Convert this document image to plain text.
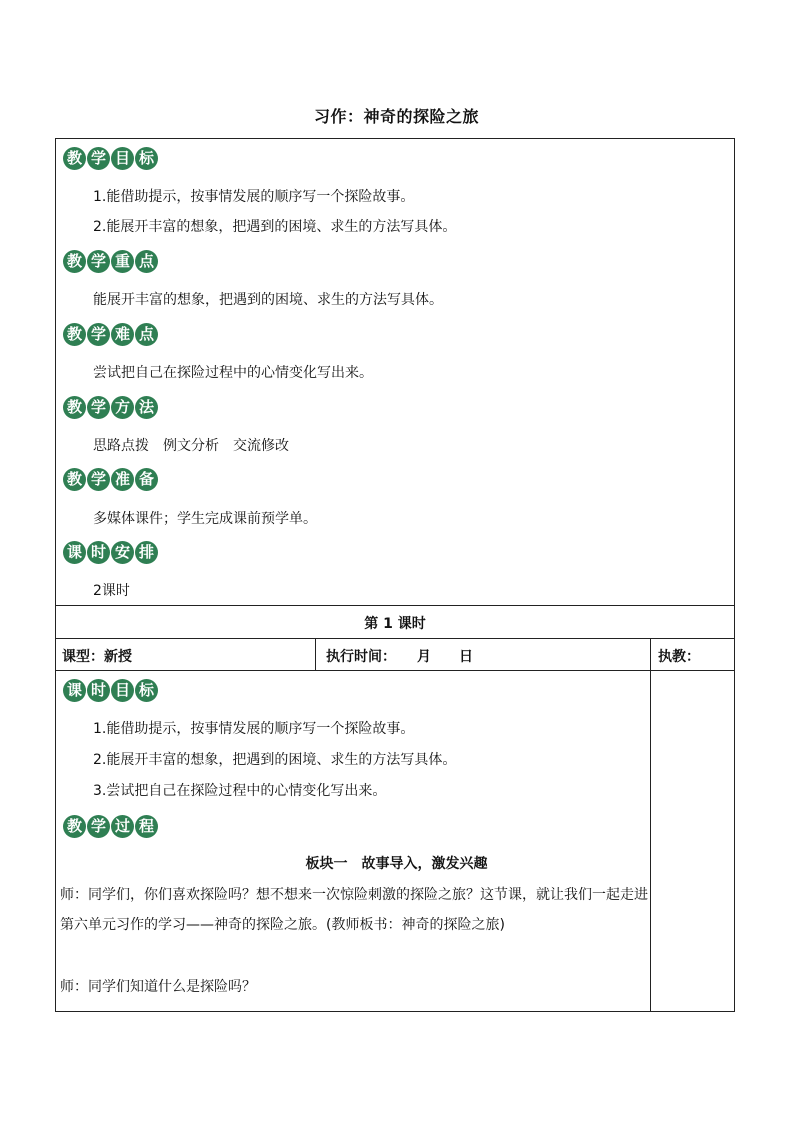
习作：神奇的探险之旅
教 学 目 标
1.能借助提示，按事情发展的顺序写一个探险故事。
2.能展开丰富的想象，把遇到的困境、求生的方法写具体。
教 学 重 点
能展开丰富的想象，把遇到的困境、求生的方法写具体。
教 学 难 点
尝试把自己在探险过程中的心情变化写出来。
教 学 方 法
思路点拨　例文分析　交流修改
教 学 准 备
多媒体课件；学生完成课前预学单。
课 时 安 排
2课时
第 1 课时
课型：新授	执行时间：　　月　　日	执教：
课 时 目 标
1.能借助提示，按事情发展的顺序写一个探险故事。
2.能展开丰富的想象，把遇到的困境、求生的方法写具体。
3.尝试把自己在探险过程中的心情变化写出来。
教 学 过 程
板块一　故事导入，激发兴趣
师：同学们，你们喜欢探险吗？想不想来一次惊险刺激的探险之旅？这节课，就让我们一起走进第六单元习作的学习——神奇的探险之旅。(教师板书：神奇的探险之旅)
师：同学们知道什么是探险吗？
